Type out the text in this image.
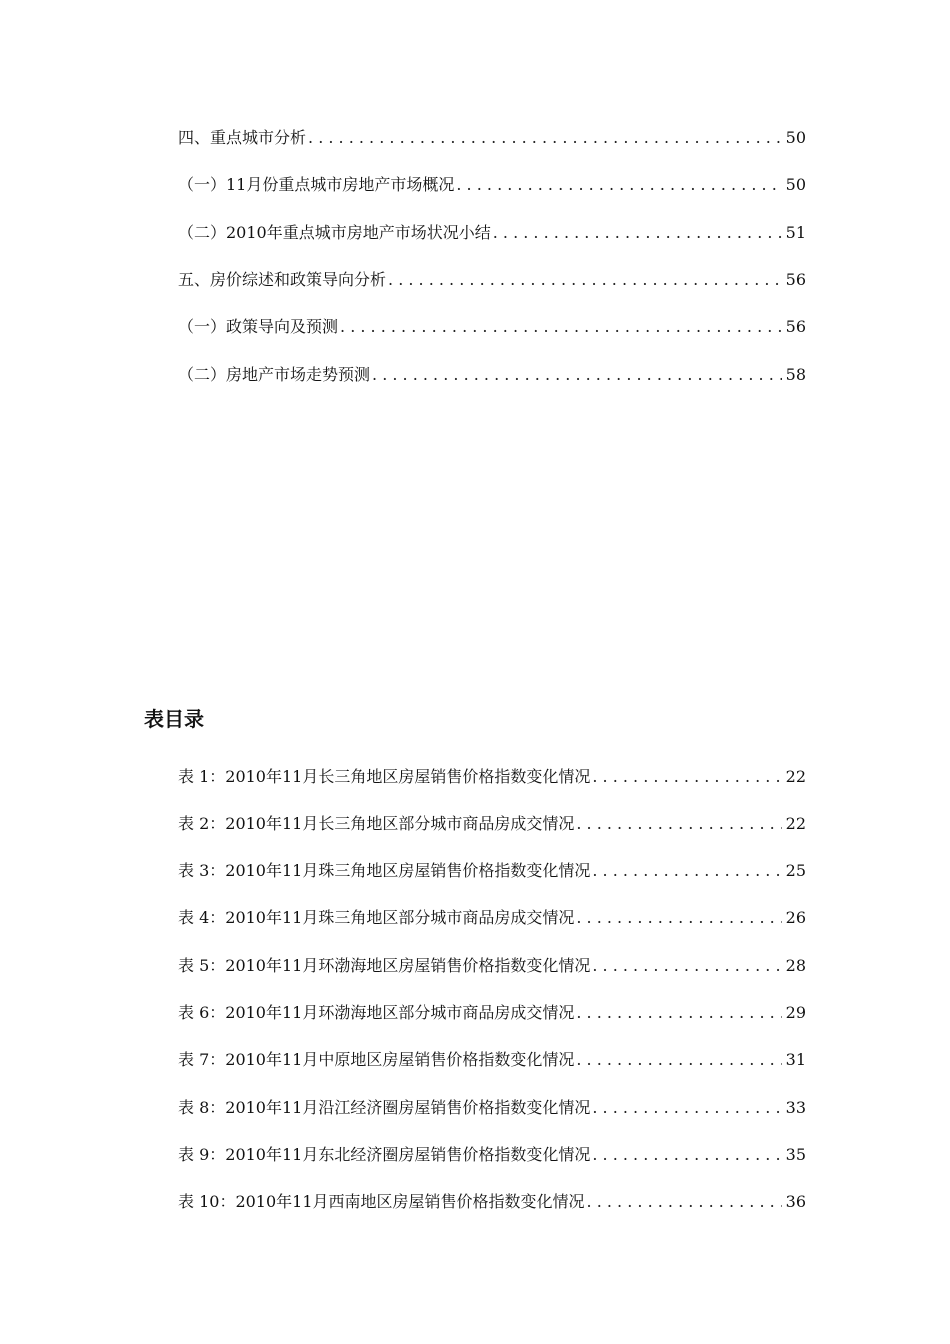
四、重点城市分析 . . .	50
（一）11月份重点城市房地产市场概况 . . .	50
（二）2010年重点城市房地产市场状况小结 . . .	51
五、房价综述和政策导向分析 . . .	56
（一）政策导向及预测 . . .	56
（二）房地产市场走势预测 . . .	58
表目录
表 1：2010年11月长三角地区房屋销售价格指数变化情况 . . .	22
表 2：2010年11月长三角地区部分城市商品房成交情况 . . .	22
表 3：2010年11月珠三角地区房屋销售价格指数变化情况 . . .	25
表 4：2010年11月珠三角地区部分城市商品房成交情况 . . .	26
表 5：2010年11月环渤海地区房屋销售价格指数变化情况 . . .	28
表 6：2010年11月环渤海地区部分城市商品房成交情况 . . .	29
表 7：2010年11月中原地区房屋销售价格指数变化情况 . . .	31
表 8：2010年11月沿江经济圈房屋销售价格指数变化情况 . . .	33
表 9：2010年11月东北经济圈房屋销售价格指数变化情况 . . .	35
表 10：2010年11月西南地区房屋销售价格指数变化情况 . . .	36
